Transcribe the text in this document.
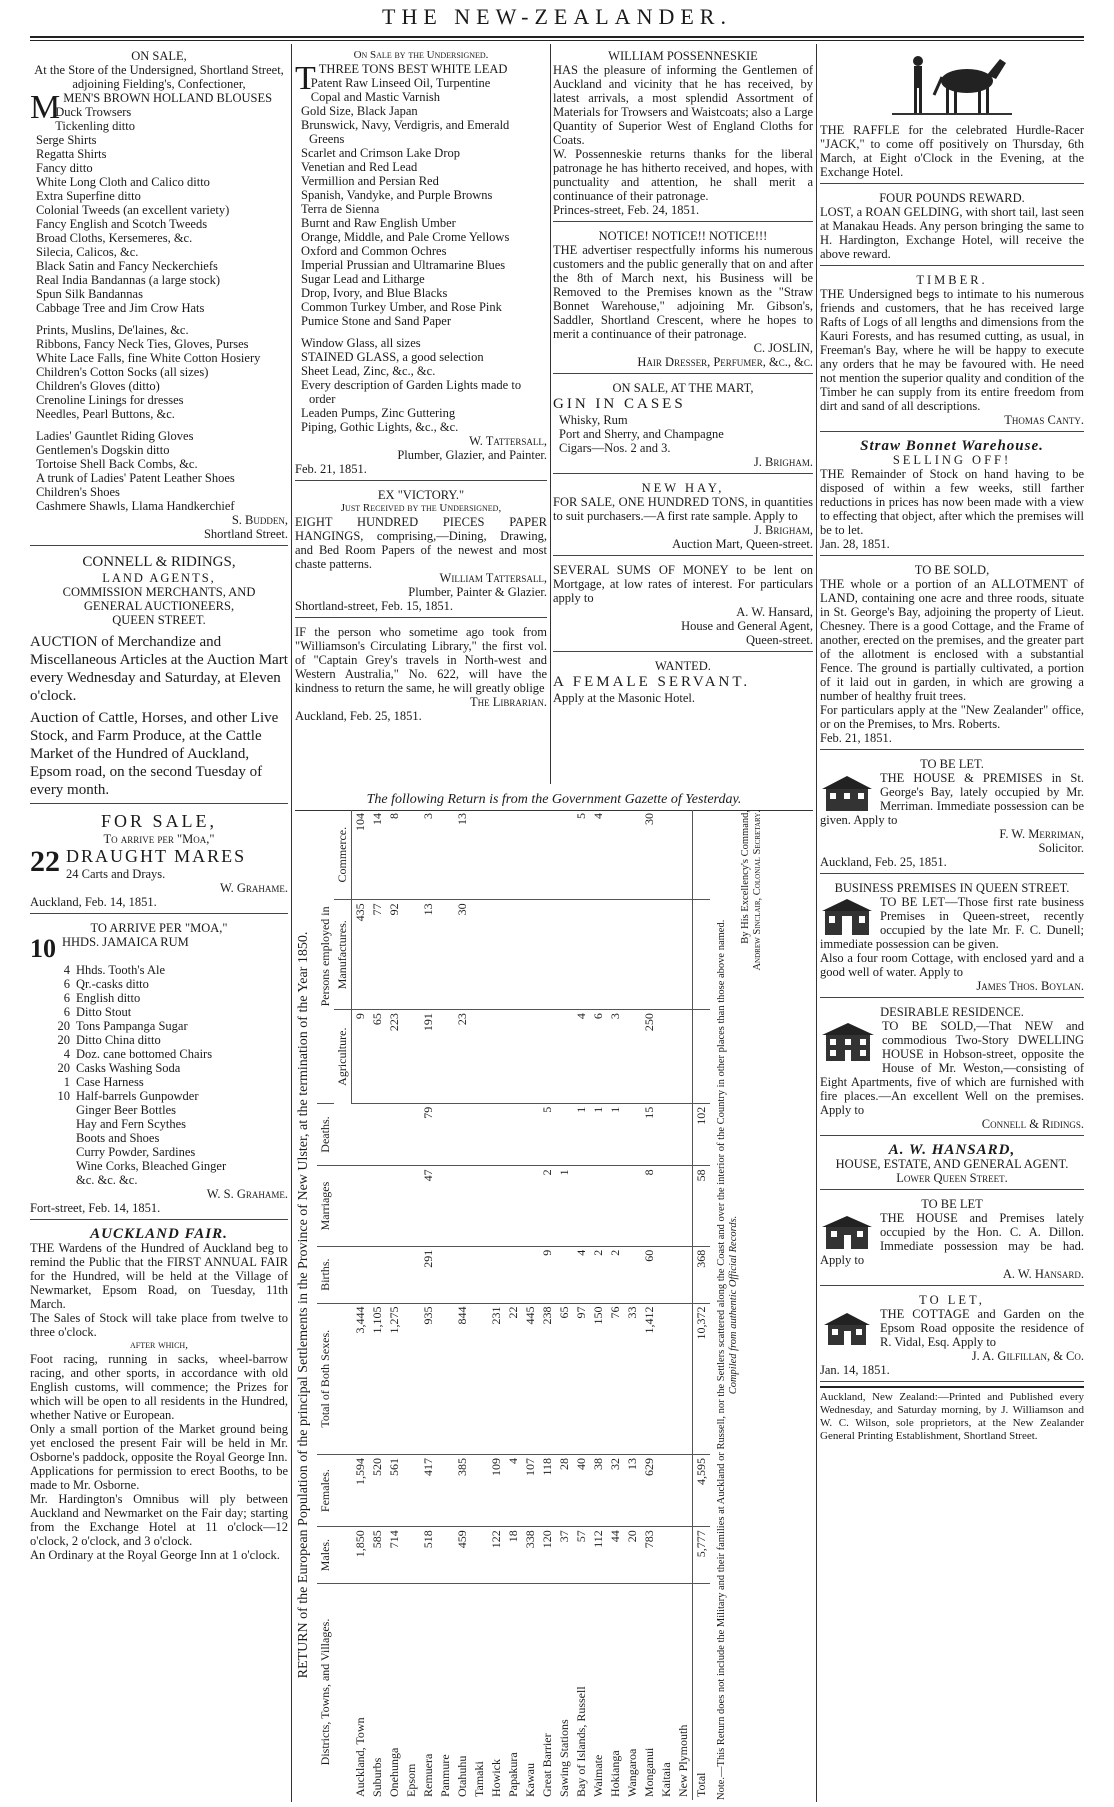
THE NEW-ZEALANDER.

ON SALE,

At the Store of the Undersigned, Shortland Street, adjoining Fielding's, Confectioner,

MMEN'S BROWN HOLLAND BLOUSES

Duck Trowsers
Tickenling ditto
Serge Shirts
Regatta Shirts
Fancy ditto
White Long Cloth and Calico ditto
Extra Superfine ditto
Colonial Tweeds (an excellent variety)
Fancy English and Scotch Tweeds
Broad Cloths, Kersemeres, &c.
Silecia, Calicos, &c.
Black Satin and Fancy Neckerchiefs
Real India Bandannas (a large stock)
Spun Silk Bandannas
Cabbage Tree and Jim Crow Hats
Prints, Muslins, De'laines, &c.
Ribbons, Fancy Neck Ties, Gloves, Purses
White Lace Falls, fine White Cotton Hosiery
Children's Cotton Socks (all sizes)
Children's Gloves (ditto)
Crenoline Linings for dresses
Needles, Pearl Buttons, &c.
Ladies' Gauntlet Riding Gloves
Gentlemen's Dogskin ditto
Tortoise Shell Back Combs, &c.
A trunk of Ladies' Patent Leather Shoes
Children's Shoes
Cashmere Shawls, Llama Handkerchief

S. Budden,

Shortland Street.

CONNELL & RIDINGS,

LAND AGENTS,

COMMISSION MERCHANTS, AND

GENERAL AUCTIONEERS,

QUEEN STREET.

AUCTION of Merchandize and Miscellaneous Articles at the Auction Mart every Wednesday and Saturday, at Eleven o'clock.

Auction of Cattle, Horses, and other Live Stock, and Farm Produce, at the Cattle Market of the Hundred of Auckland, Epsom road, on the second Tuesday of every month.

FOR SALE,

To arrive per "Moa,"

22 DRAUGHT MARES

24 Carts and Drays.

W. Grahame.

Auckland, Feb. 14, 1851.

TO ARRIVE PER "MOA,"

10 HHDS. JAMAICA RUM

4 Hhds. Tooth's Ale
6 Qr.-casks ditto
6 English ditto
6 Ditto Stout
20 Tons Pampanga Sugar
20 Ditto China ditto
4 Doz. cane bottomed Chairs
20 Casks Washing Soda
1 Case Harness
10 Half-barrels Gunpowder
Ginger Beer Bottles
Hay and Fern Scythes
Boots and Shoes
Curry Powder, Sardines
Wine Corks, Bleached Ginger
&c. &c. &c.

W. S. Grahame.

Fort-street, Feb. 14, 1851.

AUCKLAND FAIR.

THE Wardens of the Hundred of Auckland beg to remind the Public that the FIRST ANNUAL FAIR for the Hundred, will be held at the Village of Newmarket, Epsom Road, on Tuesday, 11th March.

The Sales of Stock will take place from twelve to three o'clock.

after which,

Foot racing, running in sacks, wheel-barrow racing, and other sports, in accordance with old English customs, will commence; the Prizes for which will be open to all residents in the Hundred, whether Native or European.

Only a small portion of the Market ground being yet enclosed the present Fair will be held in Mr. Osborne's paddock, opposite the Royal George Inn.

Applications for permission to erect Booths, to be made to Mr. Osborne.

Mr. Hardington's Omnibus will ply between Auckland and Newmarket on the Fair day; starting from the Exchange Hotel at 11 o'clock—12 o'clock, 2 o'clock, and 3 o'clock.

An Ordinary at the Royal George Inn at 1 o'clock.

On Sale by the Undersigned.

TTHREE TONS BEST WHITE LEAD

Patent Raw Linseed Oil, Turpentine
Copal and Mastic Varnish
Gold Size, Black Japan
Brunswick, Navy, Verdigris, and Emerald Greens
Scarlet and Crimson Lake Drop
Venetian and Red Lead
Vermillion and Persian Red
Spanish, Vandyke, and Purple Browns
Terra de Sienna
Burnt and Raw English Umber
Orange, Middle, and Pale Crome Yellows
Oxford and Common Ochres
Imperial Prussian and Ultramarine Blues
Sugar Lead and Litharge
Drop, Ivory, and Blue Blacks
Common Turkey Umber, and Rose Pink
Pumice Stone and Sand Paper
Window Glass, all sizes
STAINED GLASS, a good selection
Sheet Lead, Zinc, &c., &c.
Every description of Garden Lights made to order
Leaden Pumps, Zinc Guttering
Piping, Gothic Lights, &c., &c.

W. Tattersall,

Plumber, Glazier, and Painter.

Feb. 21, 1851.

EX "VICTORY."

Just Received by the Undersigned,

EIGHT HUNDRED PIECES PAPER HANGINGS, comprising,—Dining, Drawing, and Bed Room Papers of the newest and most chaste patterns.

William Tattersall,

Plumber, Painter & Glazier.

Shortland-street, Feb. 15, 1851.

IF the person who sometime ago took from "Williamson's Circulating Library," the first vol. of "Captain Grey's travels in North-west and Western Australia," No. 622, will have the kindness to return the same, he will greatly oblige

The Librarian.

Auckland, Feb. 25, 1851.

WILLIAM POSSENNESKIE

HAS the pleasure of informing the Gentlemen of Auckland and vicinity that he has received, by latest arrivals, a most splendid Assortment of Materials for Trowsers and Waistcoats; also a Large Quantity of Superior West of England Cloths for Coats.

W. Possenneskie returns thanks for the liberal patronage he has hitherto received, and hopes, with punctuality and attention, he shall merit a continuance of their patronage.

Princes-street, Feb. 24, 1851.

NOTICE! NOTICE!! NOTICE!!!

THE advertiser respectfully informs his numerous customers and the public generally that on and after the 8th of March next, his Business will be Removed to the Premises known as the "Straw Bonnet Warehouse," adjoining Mr. Gibson's, Saddler, Shortland Crescent, where he hopes to merit a continuance of their patronage.

C. JOSLIN,

Hair Dresser, Perfumer, &c., &c.

ON SALE, AT THE MART,

GIN IN CASES

Whisky, Rum
Port and Sherry, and Champagne
Cigars—Nos. 2 and 3.

J. Brigham.

NEW HAY,

FOR SALE, ONE HUNDRED TONS, in quantities to suit purchasers.—A first rate sample. Apply to

J. Brigham,

Auction Mart, Queen-street.

SEVERAL SUMS OF MONEY to be lent on Mortgage, at low rates of interest. For particulars apply to

A. W. Hansard,

House and General Agent,

Queen-street.

WANTED.

A FEMALE SERVANT.

Apply at the Masonic Hotel.

The following Return is from the Government Gazette of Yesterday.
RETURN of the European Population of the principal Settlements in the Province of New Ulster, at the termination of the Year 1850.
Districts, Towns, and Villages.	Males.	Females.	Total of Both Sexes.	Births.	Marriages	Deaths.	Persons employed in		
							Agriculture.	Manufactures.	Commerce.
Auckland, Town	1,850	1,594	3,444				9	435	104
Suburbs	585	520	1,105				65	77	14
Onehunga	714	561	1,275				223	92	8
Epsom									
Remuera	518	417	935	291	47	79	191	13	3
Panmure									
Otahuhu	459	385	844				23	30	13
Tamaki									
Howick	122	109	231						
Papakura	18	4	22						
Kawau	338	107	445						
Great Barrier	120	118	238	9	2	5			
Sawing Stations	37	28	65		1				
Bay of Islands, Russell	57	40	97	4		1	4		5
Waimate	112	38	150	2		1	6		4
Hokianga	44	32	76	2		1	3		
Wangaroa	20	13	33						
Monganui	783	629	1,412	60	8	15	250		30
Kaitaia									
New Plymouth									
Total	5,777	4,595	10,372	368	58	102			Note.—This Return does not include the Military and their families at Auckland or Russell, nor the Settlers scattered along the Coast and over the interior of the Country in other places than those above named. Compiled from authentic Official Records.
By His Excellency's Command, Andrew Sinclair, Colonial Secretary.

THE RAFFLE for the celebrated Hurdle-Racer "JACK," to come off positively on Thursday, 6th March, at Eight o'Clock in the Evening, at the Exchange Hotel.

FOUR POUNDS REWARD.

LOST, a ROAN GELDING, with short tail, last seen at Manakau Heads. Any person bringing the same to H. Hardington, Exchange Hotel, will receive the above reward.

TIMBER.

THE Undersigned begs to intimate to his numerous friends and customers, that he has received large Rafts of Logs of all lengths and dimensions from the Kauri Forests, and has resumed cutting, as usual, in Freeman's Bay, where he will be happy to execute any orders that he may be favoured with. He need not mention the superior quality and condition of the Timber he can supply from its entire freedom from dirt and sand of all descriptions.

Thomas Canty.

Straw Bonnet Warehouse.

SELLING OFF!

THE Remainder of Stock on hand having to be disposed of within a few weeks, still farther reductions in prices has now been made with a view to effecting that object, after which the premises will be to let.

Jan. 28, 1851.

TO BE SOLD,

THE whole or a portion of an ALLOTMENT of LAND, containing one acre and three roods, situate in St. George's Bay, adjoining the property of Lieut. Chesney. There is a good Cottage, and the Frame of another, erected on the premises, and the greater part of the allotment is enclosed with a substantial Fence. The ground is partially cultivated, a portion of it laid out in garden, in which are growing a number of healthy fruit trees.

For particulars apply at the "New Zealander" office, or on the Premises, to Mrs. Roberts.

Feb. 21, 1851.

TO BE LET.

THE HOUSE & PREMISES in St. George's Bay, lately occupied by Mr. Merriman. Immediate possession can be given. Apply to

F. W. Merriman,

Solicitor.

Auckland, Feb. 25, 1851.

BUSINESS PREMISES IN QUEEN STREET.

TO BE LET—Those first rate business Premises in Queen-street, recently occupied by the late Mr. F. C. Dunell; immediate possession can be given.

Also a four room Cottage, with enclosed yard and a good well of water. Apply to

James Thos. Boylan.

DESIRABLE RESIDENCE.

TO BE SOLD,—That NEW and commodious Two-Story DWELLING HOUSE in Hobson-street, opposite the House of Mr. Weston,—consisting of Eight Apartments, five of which are furnished with fire places.—An excellent Well on the premises. Apply to

Connell & Ridings.

A. W. HANSARD,

HOUSE, ESTATE, AND GENERAL AGENT.

Lower Queen Street.

TO BE LET

THE HOUSE and Premises lately occupied by the Hon. C. A. Dillon. Immediate possession may be had. Apply to

A. W. Hansard.

TO LET,

THE COTTAGE and Garden on the Epsom Road opposite the residence of R. Vidal, Esq. Apply to

J. A. Gilfillan, & Co.

Jan. 14, 1851.

Auckland, New Zealand:—Printed and Published every Wednesday, and Saturday morning, by J. Williamson and W. C. Wilson, sole proprietors, at the New Zealander General Printing Establishment, Shortland Street.
